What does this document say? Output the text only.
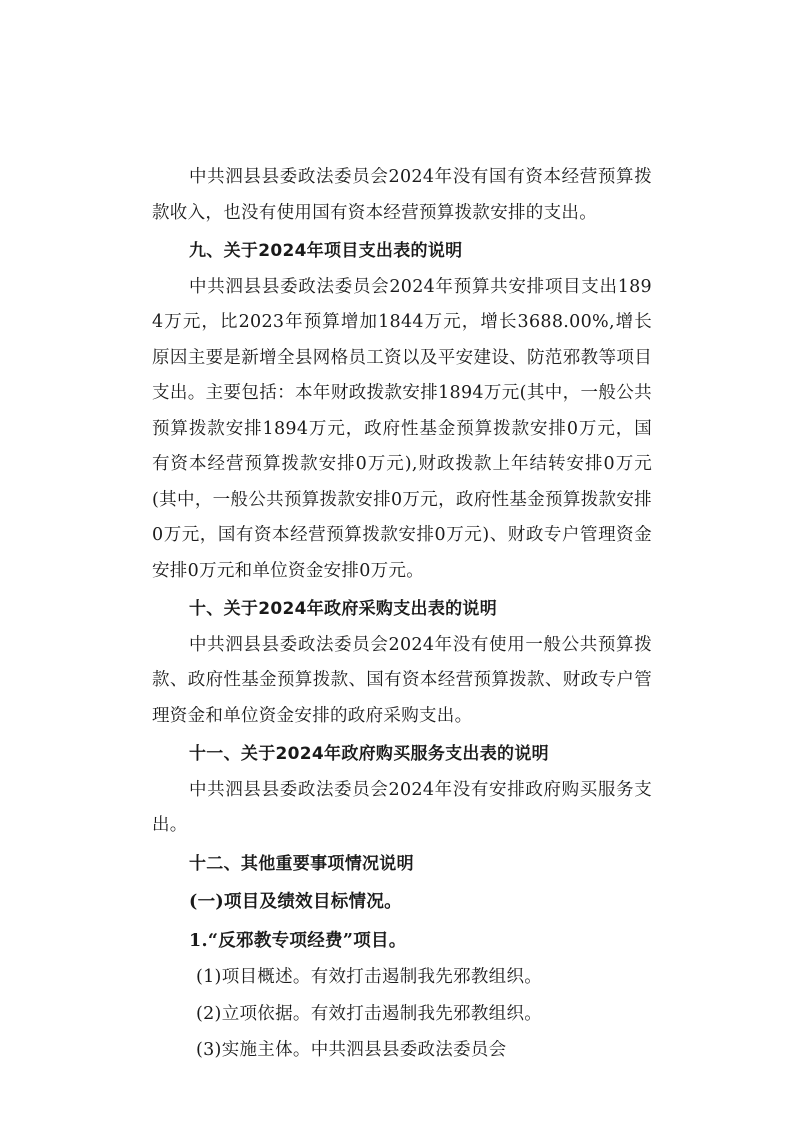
中共泗县县委政法委员会2024年没有国有资本经营预算拨款收入，也没有使用国有资本经营预算拨款安排的支出。

九、关于2024年项目支出表的说明

中共泗县县委政法委员会2024年预算共安排项目支出1894万元，比2023年预算增加1844万元，增长3688.00%,增长原因主要是新增全县网格员工资以及平安建设、防范邪教等项目支出。主要包括：本年财政拨款安排1894万元(其中，一般公共预算拨款安排1894万元，政府性基金预算拨款安排0万元，国有资本经营预算拨款安排0万元),财政拨款上年结转安排0万元(其中，一般公共预算拨款安排0万元，政府性基金预算拨款安排0万元，国有资本经营预算拨款安排0万元)、财政专户管理资金安排0万元和单位资金安排0万元。

十、关于2024年政府采购支出表的说明

中共泗县县委政法委员会2024年没有使用一般公共预算拨款、政府性基金预算拨款、国有资本经营预算拨款、财政专户管理资金和单位资金安排的政府采购支出。

十一、关于2024年政府购买服务支出表的说明

中共泗县县委政法委员会2024年没有安排政府购买服务支出。

十二、其他重要事项情况说明

(一)项目及绩效目标情况。

1.“反邪教专项经费”项目。

(1)项目概述。有效打击遏制我先邪教组织。

(2)立项依据。有效打击遏制我先邪教组织。

(3)实施主体。中共泗县县委政法委员会
